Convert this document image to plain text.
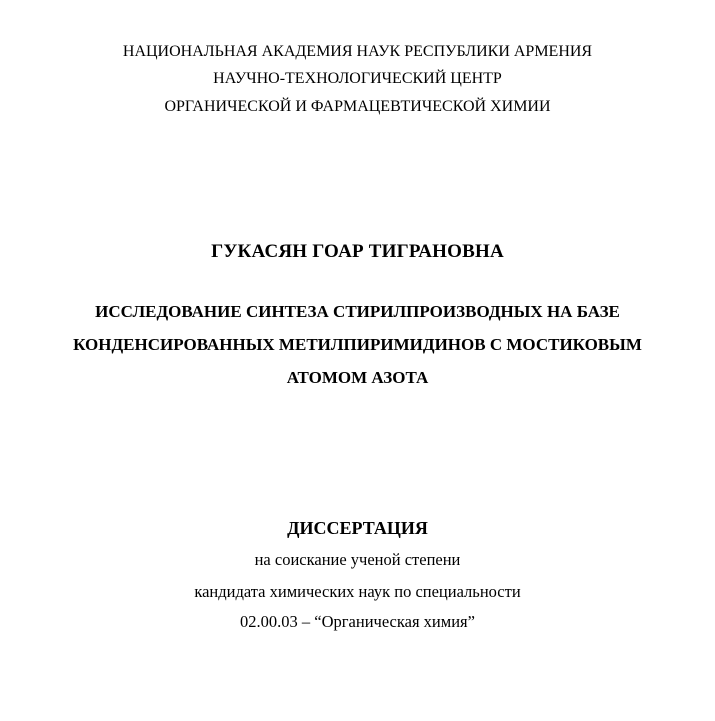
НАЦИОНАЛЬНАЯ АКАДЕМИЯ НАУК РЕСПУБЛИКИ АРМЕНИЯ
НАУЧНО-ТЕХНОЛОГИЧЕСКИЙ ЦЕНТР
ОРГАНИЧЕСКОЙ И ФАРМАЦЕВТИЧЕСКОЙ ХИМИИ
ГУКАСЯН ГОАР ТИГРАНОВНА
ИССЛЕДОВАНИЕ СИНТЕЗА СТИРИЛПРОИЗВОДНЫХ НА БАЗЕ
КОНДЕНСИРОВАННЫХ МЕТИЛПИРИМИДИНОВ С МОСТИКОВЫМ
АТОМОМ АЗОТА
ДИССЕРТАЦИЯ
на соискание ученой степени
кандидата химических наук по специальности
02.00.03 – “Органическая химия”
